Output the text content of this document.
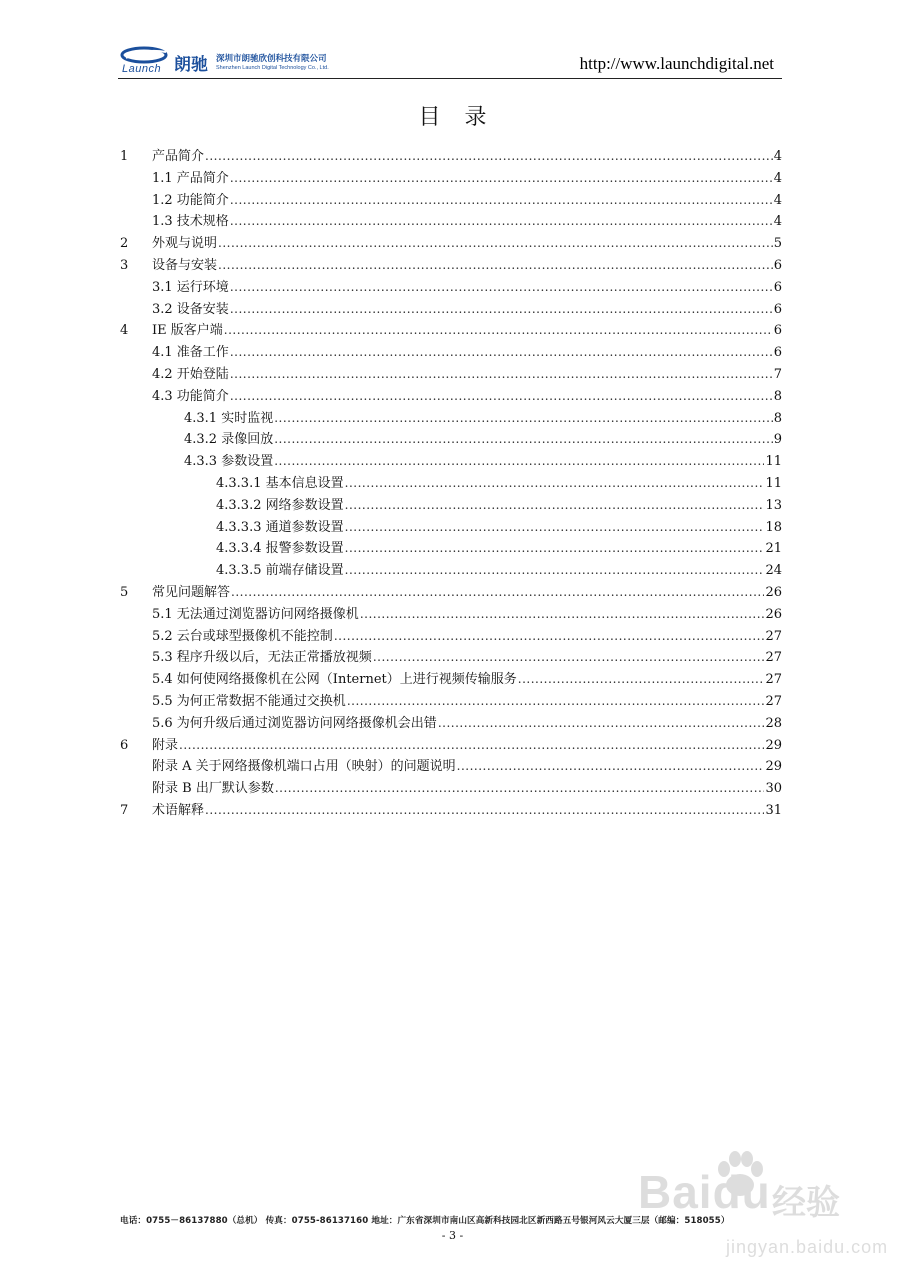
Launch 朗驰 深圳市朗驰欣创科技有限公司
Shenzhen Launch Digital Technology Co., Ltd.	http://www.launchdigital.net
目录
1	产品简介 .....	4
1.1 产品简介 .....	4
1.2 功能简介 .....	4
1.3 技术规格 .....	4
2	外观与说明 .....	5
3	设备与安装 .....	6
3.1 运行环境 .....	6
3.2 设备安装 .....	6
4	IE 版客户端 .....	6
4.1 准备工作 .....	6
4.2 开始登陆 .....	7
4.3 功能简介 .....	8
4.3.1 实时监视 .....	8
4.3.2 录像回放 .....	9
4.3.3 参数设置 .....	11
4.3.3.1 基本信息设置 .....	11
4.3.3.2 网络参数设置 .....	13
4.3.3.3 通道参数设置 .....	18
4.3.3.4 报警参数设置 .....	21
4.3.3.5 前端存储设置 .....	24
5	常见问题解答 .....	26
5.1 无法通过浏览器访问网络摄像机 .....	26
5.2 云台或球型摄像机不能控制 .....	27
5.3 程序升级以后，无法正常播放视频 .....	27
5.4 如何使网络摄像机在公网（Internet）上进行视频传输服务 .....	27
5.5 为何正常数据不能通过交换机 .....	27
5.6 为何升级后通过浏览器访问网络摄像机会出错 .....	28
6	附录 .....	29
附录 A 关于网络摄像机端口占用（映射）的问题说明 .....	29
附录 B 出厂默认参数 .....	30
7	术语解释 .....	31
电话：0755－86137880（总机） 传真：0755-86137160 地址：广东省深圳市南山区高新科技园北区新西路五号银河风云大厦三层（邮编：518055）
- 3 -
Baidu 经验
jingyan.baidu.com
